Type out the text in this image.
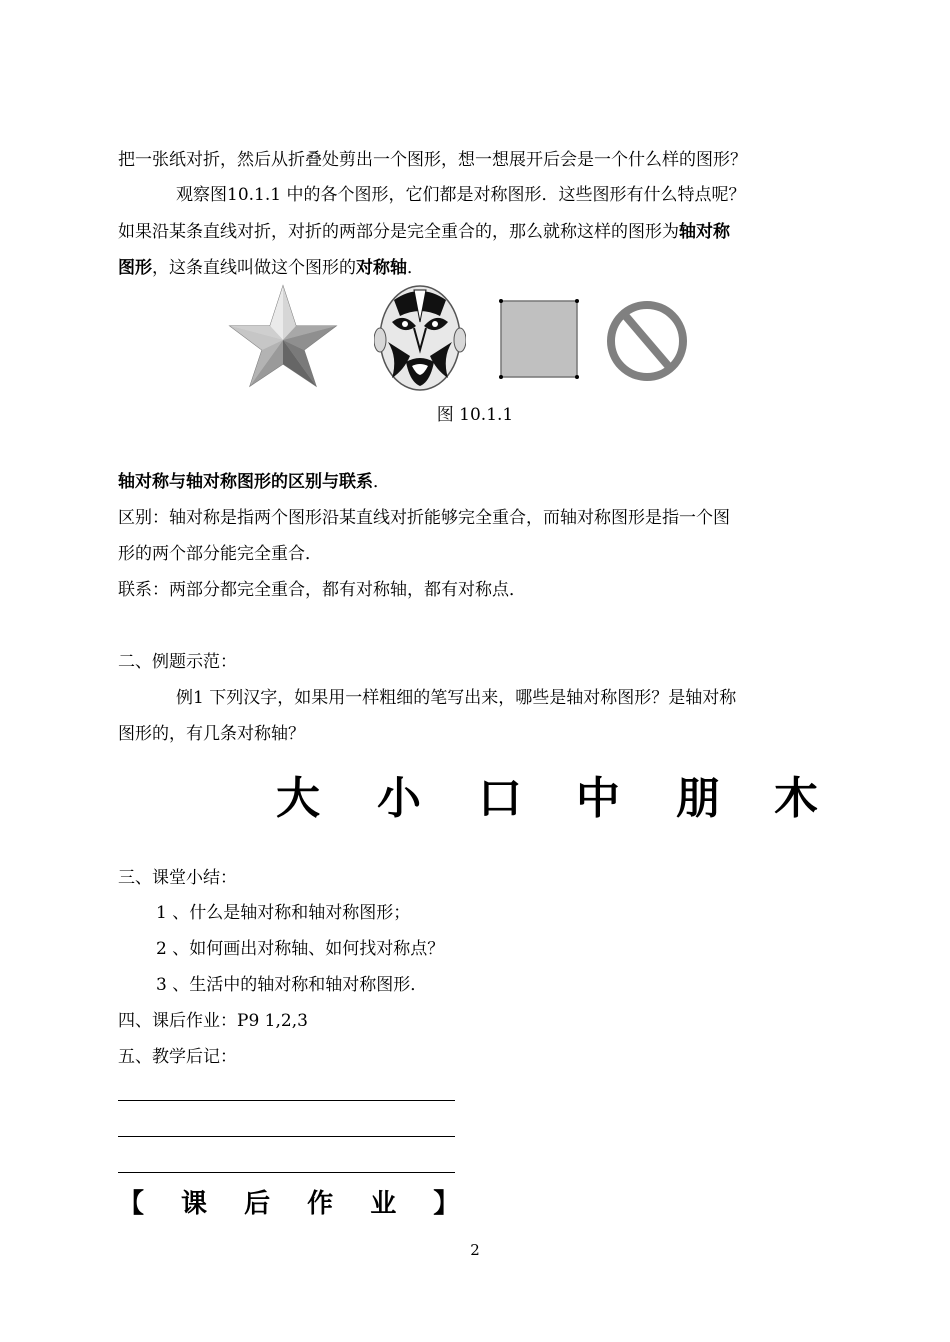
把一张纸对折，然后从折叠处剪出一个图形，想一想展开后会是一个什么样的图形？
观察图10.1.1 中的各个图形，它们都是对称图形．这些图形有什么特点呢？
如果沿某条直线对折，对折的两部分是完全重合的，那么就称这样的图形为轴对称
图形，这条直线叫做这个图形的对称轴．
图 10.1.1
轴对称与轴对称图形的区别与联系．
区别：轴对称是指两个图形沿某直线对折能够完全重合，而轴对称图形是指一个图
形的两个部分能完全重合．
联系：两部分都完全重合，都有对称轴，都有对称点．
二、例题示范：
例1 下列汉字，如果用一样粗细的笔写出来，哪些是轴对称图形？是轴对称
图形的，有几条对称轴？
大 小 口 中 朋 木
三、课堂小结：
1 、什么是轴对称和轴对称图形；
2 、如何画出对称轴、如何找对称点？
3 、生活中的轴对称和轴对称图形．
四、课后作业：P9 1,2,3
五、教学后记：
【 课 后 作 业 】
2
